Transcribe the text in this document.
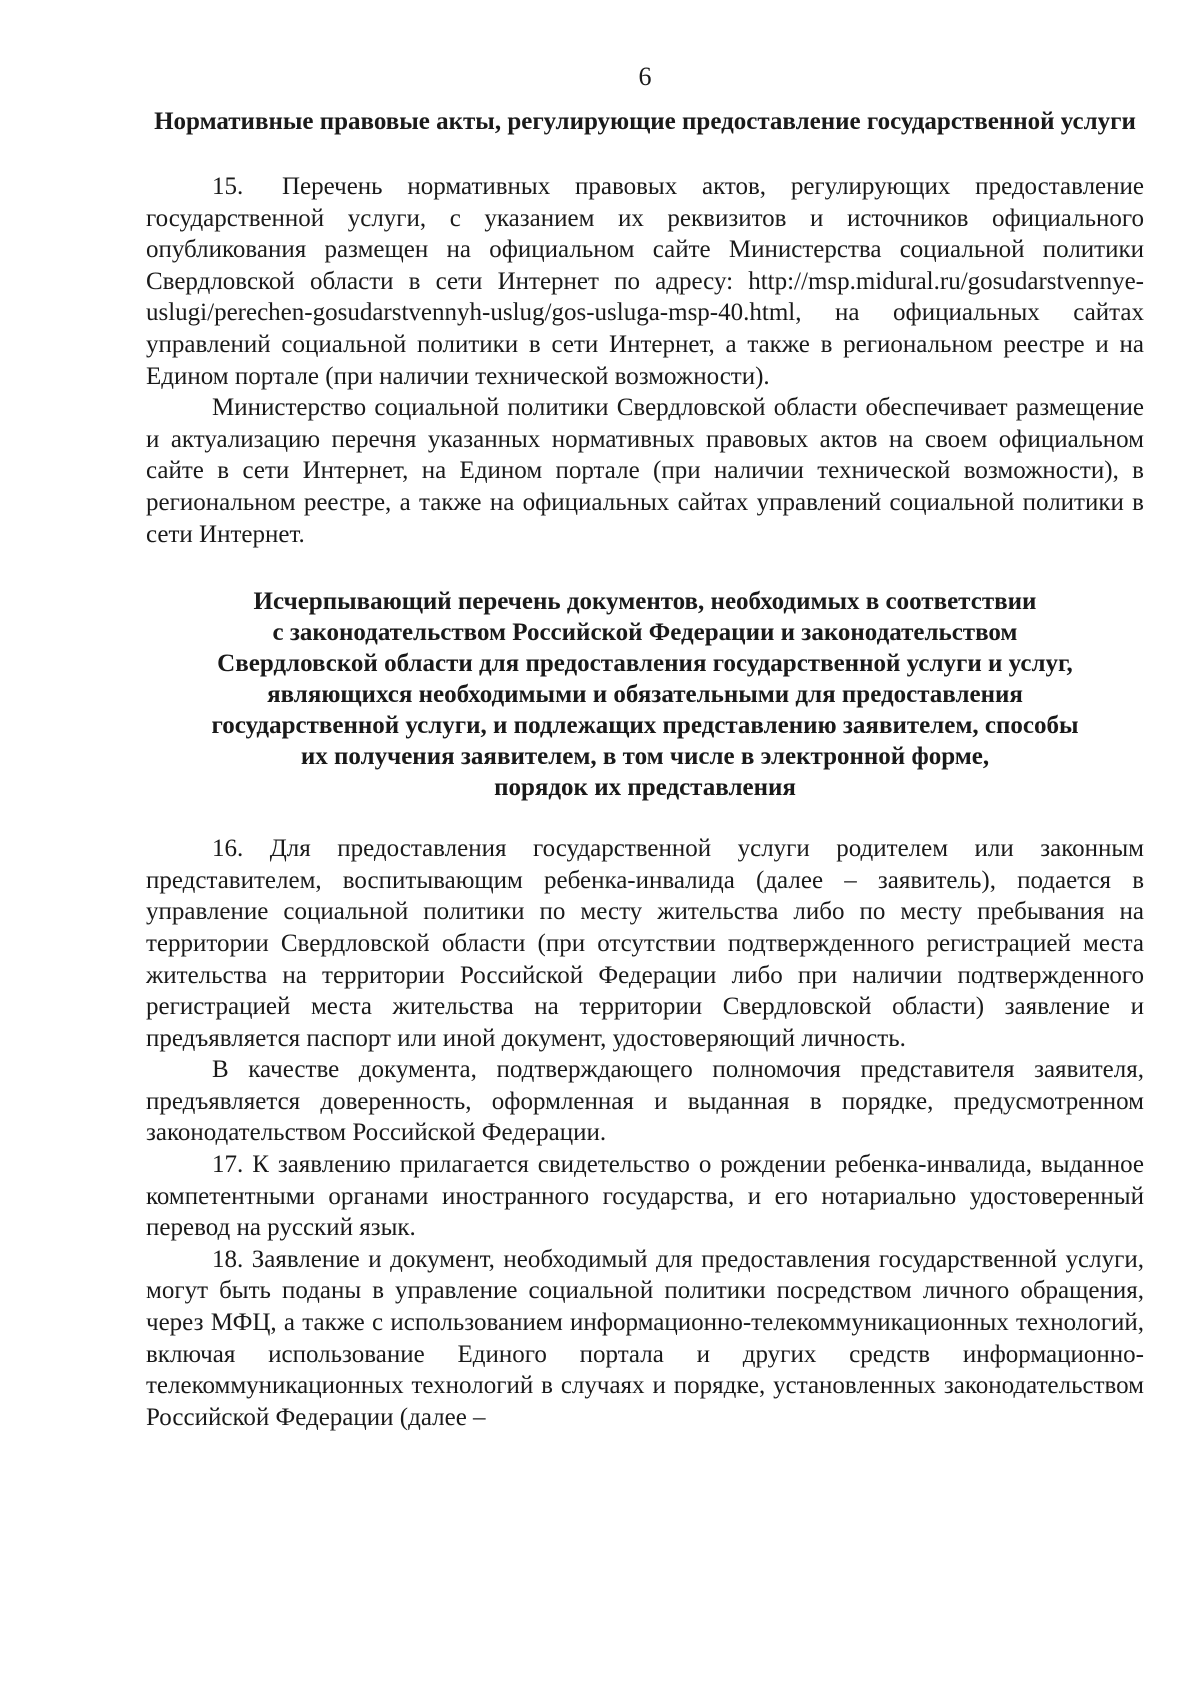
6
Нормативные правовые акты, регулирующие предоставление государственной услуги

15. Перечень нормативных правовых актов, регулирующих предоставление государственной услуги, с указанием их реквизитов и источников официального опубликования размещен на официальном сайте Министерства социальной политики Свердловской области в сети Интернет по адресу: http://msp.midural.ru/gosudarstvennye-uslugi/perechen-gosudarstvennyh-uslug/gos-usluga-msp-40.html, на официальных сайтах управлений социальной политики в сети Интернет, а также в региональном реестре и на Едином портале (при наличии технической возможности).

Министерство социальной политики Свердловской области обеспечивает размещение и актуализацию перечня указанных нормативных правовых актов на своем официальном сайте в сети Интернет, на Едином портале (при наличии технической возможности), в региональном реестре, а также на официальных сайтах управлений социальной политики в сети Интернет.

Исчерпывающий перечень документов, необходимых в соответствии
с законодательством Российской Федерации и законодательством
Свердловской области для предоставления государственной услуги и услуг,
являющихся необходимыми и обязательными для предоставления
государственной услуги, и подлежащих представлению заявителем, способы
их получения заявителем, в том числе в электронной форме,
порядок их представления

16. Для предоставления государственной услуги родителем или законным представителем, воспитывающим ребенка-инвалида (далее – заявитель), подается в управление социальной политики по месту жительства либо по месту пребывания на территории Свердловской области (при отсутствии подтвержденного регистрацией места жительства на территории Российской Федерации либо при наличии подтвержденного регистрацией места жительства на территории Свердловской области) заявление и предъявляется паспорт или иной документ, удостоверяющий личность.

В качестве документа, подтверждающего полномочия представителя заявителя, предъявляется доверенность, оформленная и выданная в порядке, предусмотренном законодательством Российской Федерации.

17. К заявлению прилагается свидетельство о рождении ребенка-инвалида, выданное компетентными органами иностранного государства, и его нотариально удостоверенный перевод на русский язык.

18. Заявление и документ, необходимый для предоставления государственной услуги, могут быть поданы в управление социальной политики посредством личного обращения, через МФЦ, а также с использованием информационно-телекоммуникационных технологий, включая использование Единого портала и других средств информационно-телекоммуникационных технологий в случаях и порядке, установленных законодательством Российской Федерации (далее –
